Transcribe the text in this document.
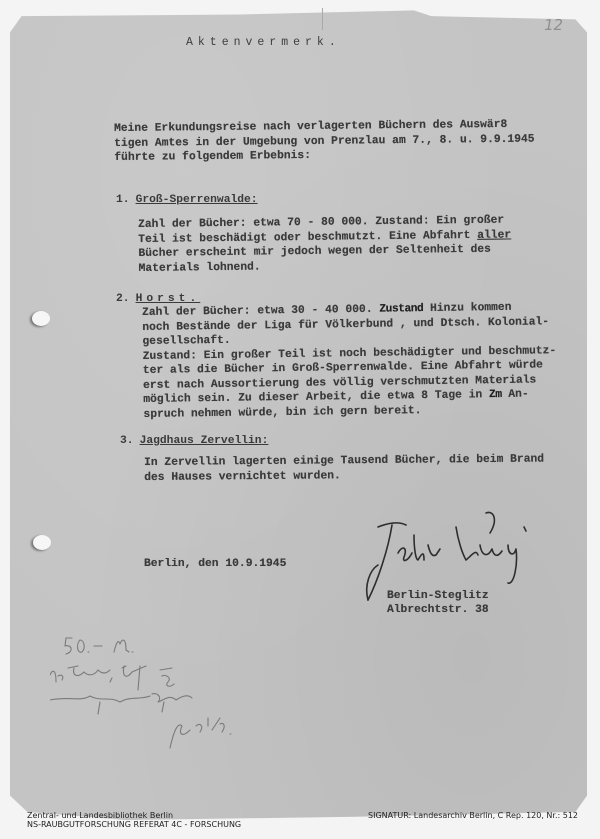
12
Aktenvermerk.
Meine Erkundungsreise nach verlagerten Büchern des Auswär8
tigen Amtes in der Umgebung von Prenzlau am 7., 8. u. 9.9.1945
führte zu folgendem Erbebnis:
1. Groß-Sperrenwalde:
Zahl der Bücher: etwa 70 - 80 000. Zustand: Ein großer
Teil ist beschädigt oder beschmutzt. Eine Abfahrt aller
Bücher erscheint mir jedoch wegen der Seltenheit des
Materials lohnend.
2. Horst.
Zahl der Bücher: etwa 30 - 40 000. Zustand Hinzu kommen
noch Bestände der Liga für Völkerbund , und Dtsch. Kolonial-
gesellschaft.
Zustand: Ein großer Teil ist noch beschädigter und beschmutz-
ter als die Bücher in Groß-Sperrenwalde. Eine Abfahrt würde
erst nach Aussortierung des völlig verschmutzten Materials
möglich sein. Zu dieser Arbeit, die etwa 8 Tage in Zm An-
spruch nehmen würde, bin ich gern bereit.
3. Jagdhaus Zervellin:
In Zervellin lagerten einige Tausend Bücher, die beim Brand
des Hauses vernichtet wurden.
Berlin, den 10.9.1945
Berlin-Steglitz
Albrechtstr. 38
Zentral- und Landesbibliothek Berlin
NS-RAUBGUTFORSCHUNG REFERAT 4C - FORSCHUNG
SIGNATUR: Landesarchiv Berlin, C Rep. 120, Nr.: 512
